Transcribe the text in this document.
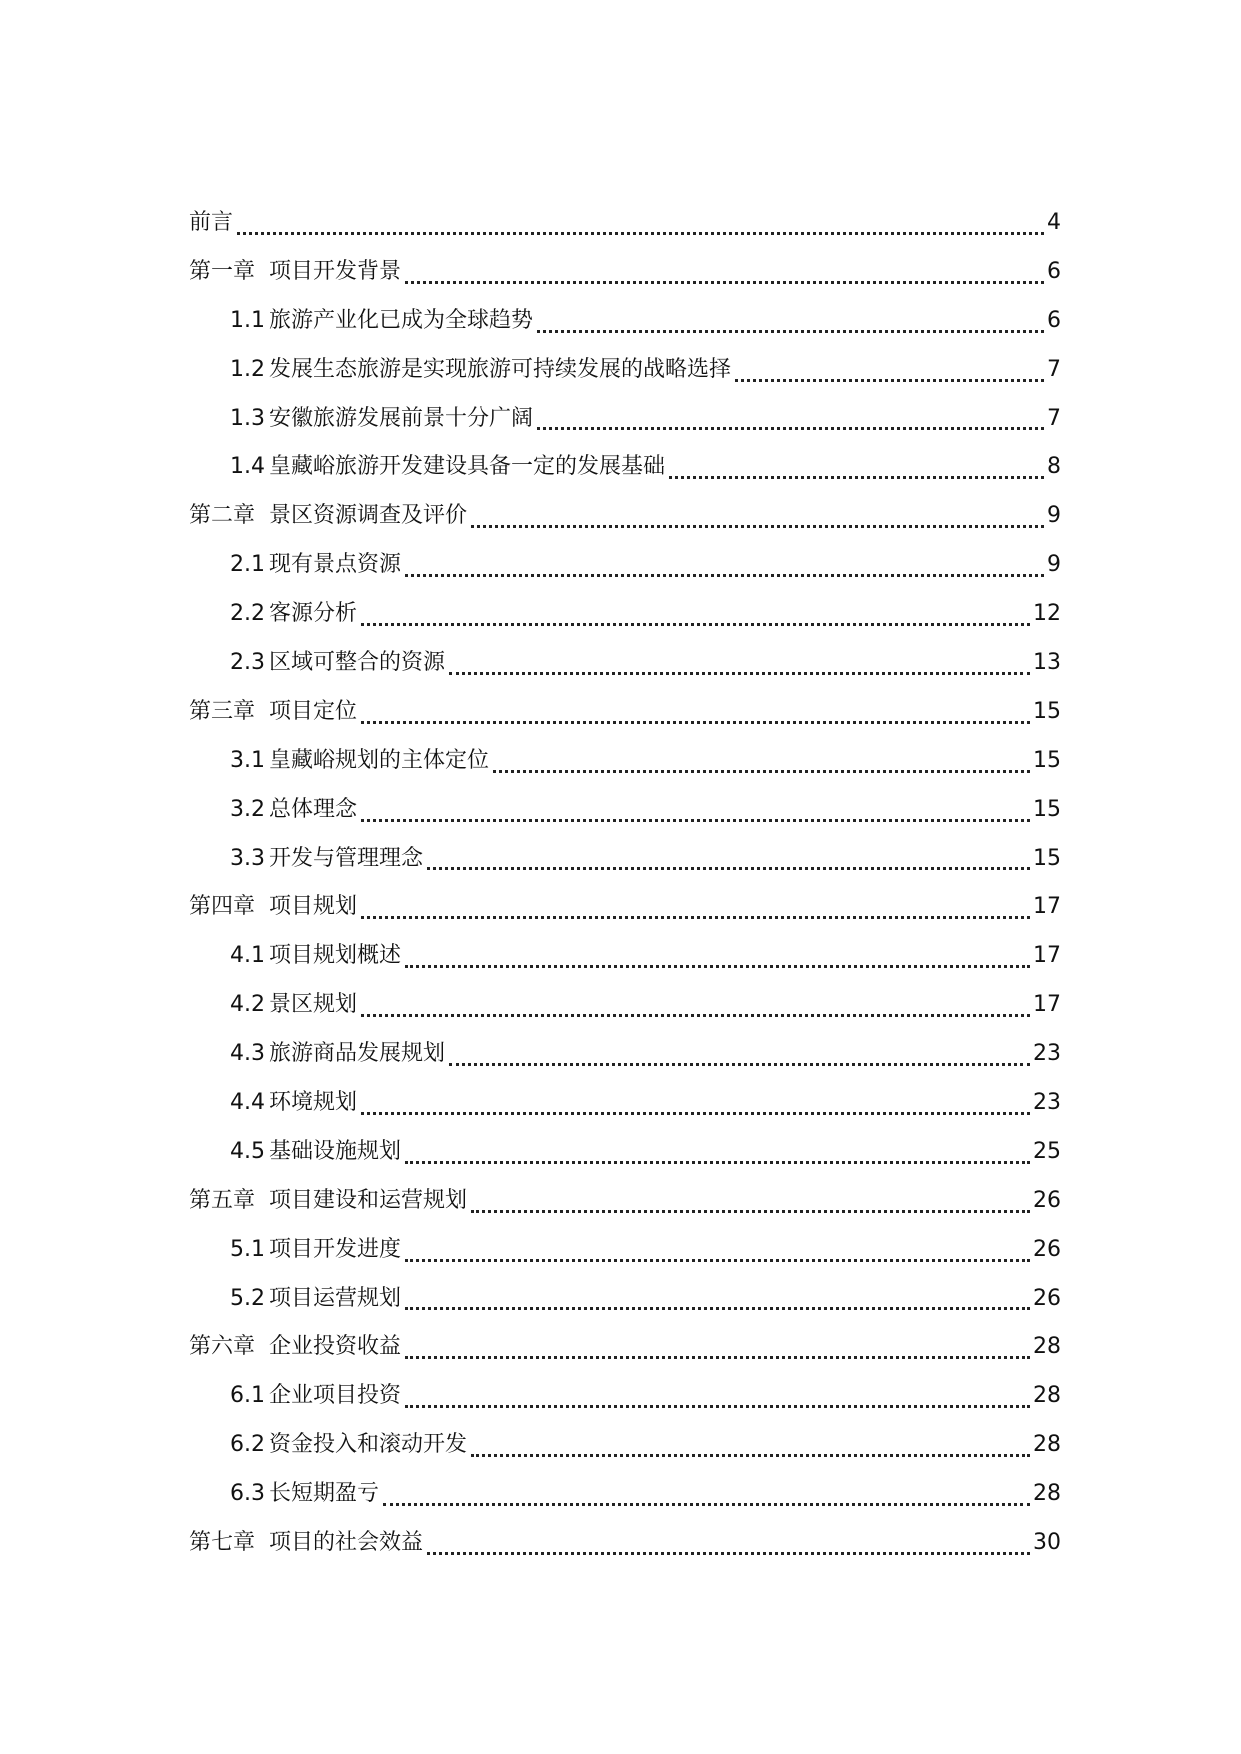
前言	4
第一章 项目开发背景	6
1.1 旅游产业化已成为全球趋势	6
1.2 发展生态旅游是实现旅游可持续发展的战略选择	7
1.3 安徽旅游发展前景十分广阔	7
1.4 皇藏峪旅游开发建设具备一定的发展基础	8
第二章 景区资源调查及评价	9
2.1 现有景点资源	9
2.2 客源分析	12
2.3 区域可整合的资源	13
第三章 项目定位	15
3.1 皇藏峪规划的主体定位	15
3.2 总体理念	15
3.3 开发与管理理念	15
第四章 项目规划	17
4.1 项目规划概述	17
4.2 景区规划	17
4.3 旅游商品发展规划	23
4.4 环境规划	23
4.5 基础设施规划	25
第五章 项目建设和运营规划	26
5.1 项目开发进度	26
5.2 项目运营规划	26
第六章 企业投资收益	28
6.1 企业项目投资	28
6.2 资金投入和滚动开发	28
6.3 长短期盈亏	28
第七章 项目的社会效益	30
